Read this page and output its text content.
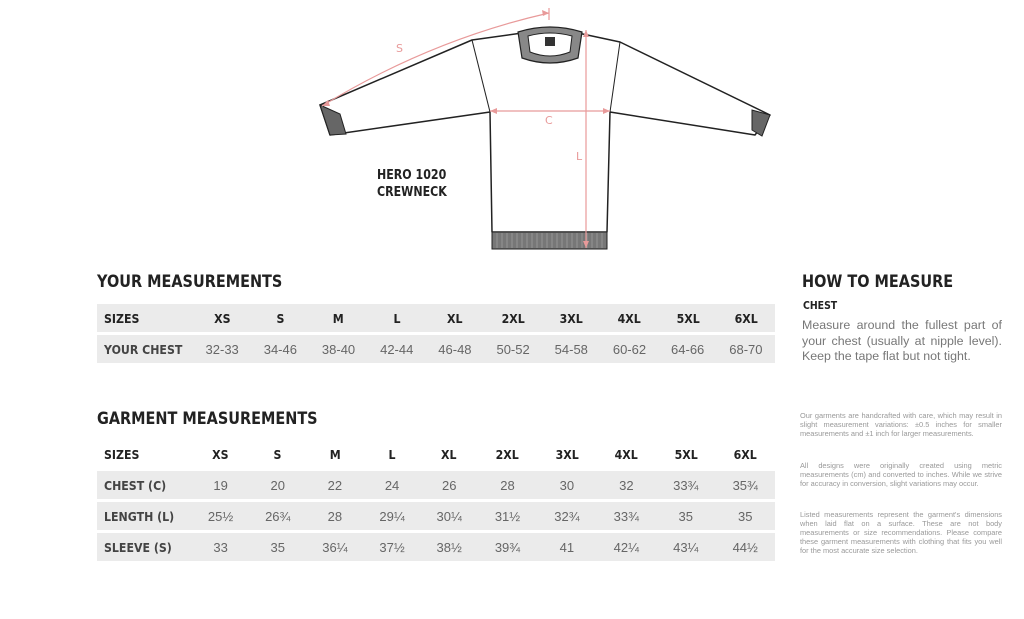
S
C
L
HERO 1020
CREWNECK
YOUR MEASUREMENTS
SIZES	XS	S	M	L	XL	2XL	3XL	4XL	5XL	6XL
YOUR CHEST	32-33	34-46	38-40	42-44	46-48	50-52	54-58	60-62	64-66	68-70
GARMENT MEASUREMENTS
SIZES	XS	S	M	L	XL	2XL	3XL	4XL	5XL	6XL
CHEST (C)	19	20	22	24	26	28	30	32	33¾	35¾
LENGTH (L)	25½	26¾	28	29¼	30¼	31½	32¾	33¾	35	35
SLEEVE (S)	33	35	36¼	37½	38½	39¾	41	42¼	43¼	44½
HOW TO MEASURE
CHEST
Measure around the fullest part of your chest (usually at nipple level). Keep the tape flat but not tight.

Our garments are handcrafted with care, which may result in slight measurement variations: ±0.5 inches for smaller measurements and ±1 inch for larger measurements.

All designs were originally created using metric measurements (cm) and converted to inches. While we strive for accuracy in conversion, slight variations may occur.

Listed measurements represent the garment's dimensions when laid flat on a surface. These are not body measurements or size recommendations. Please compare these garment measurements with clothing that fits you well for the most accurate size selection.
